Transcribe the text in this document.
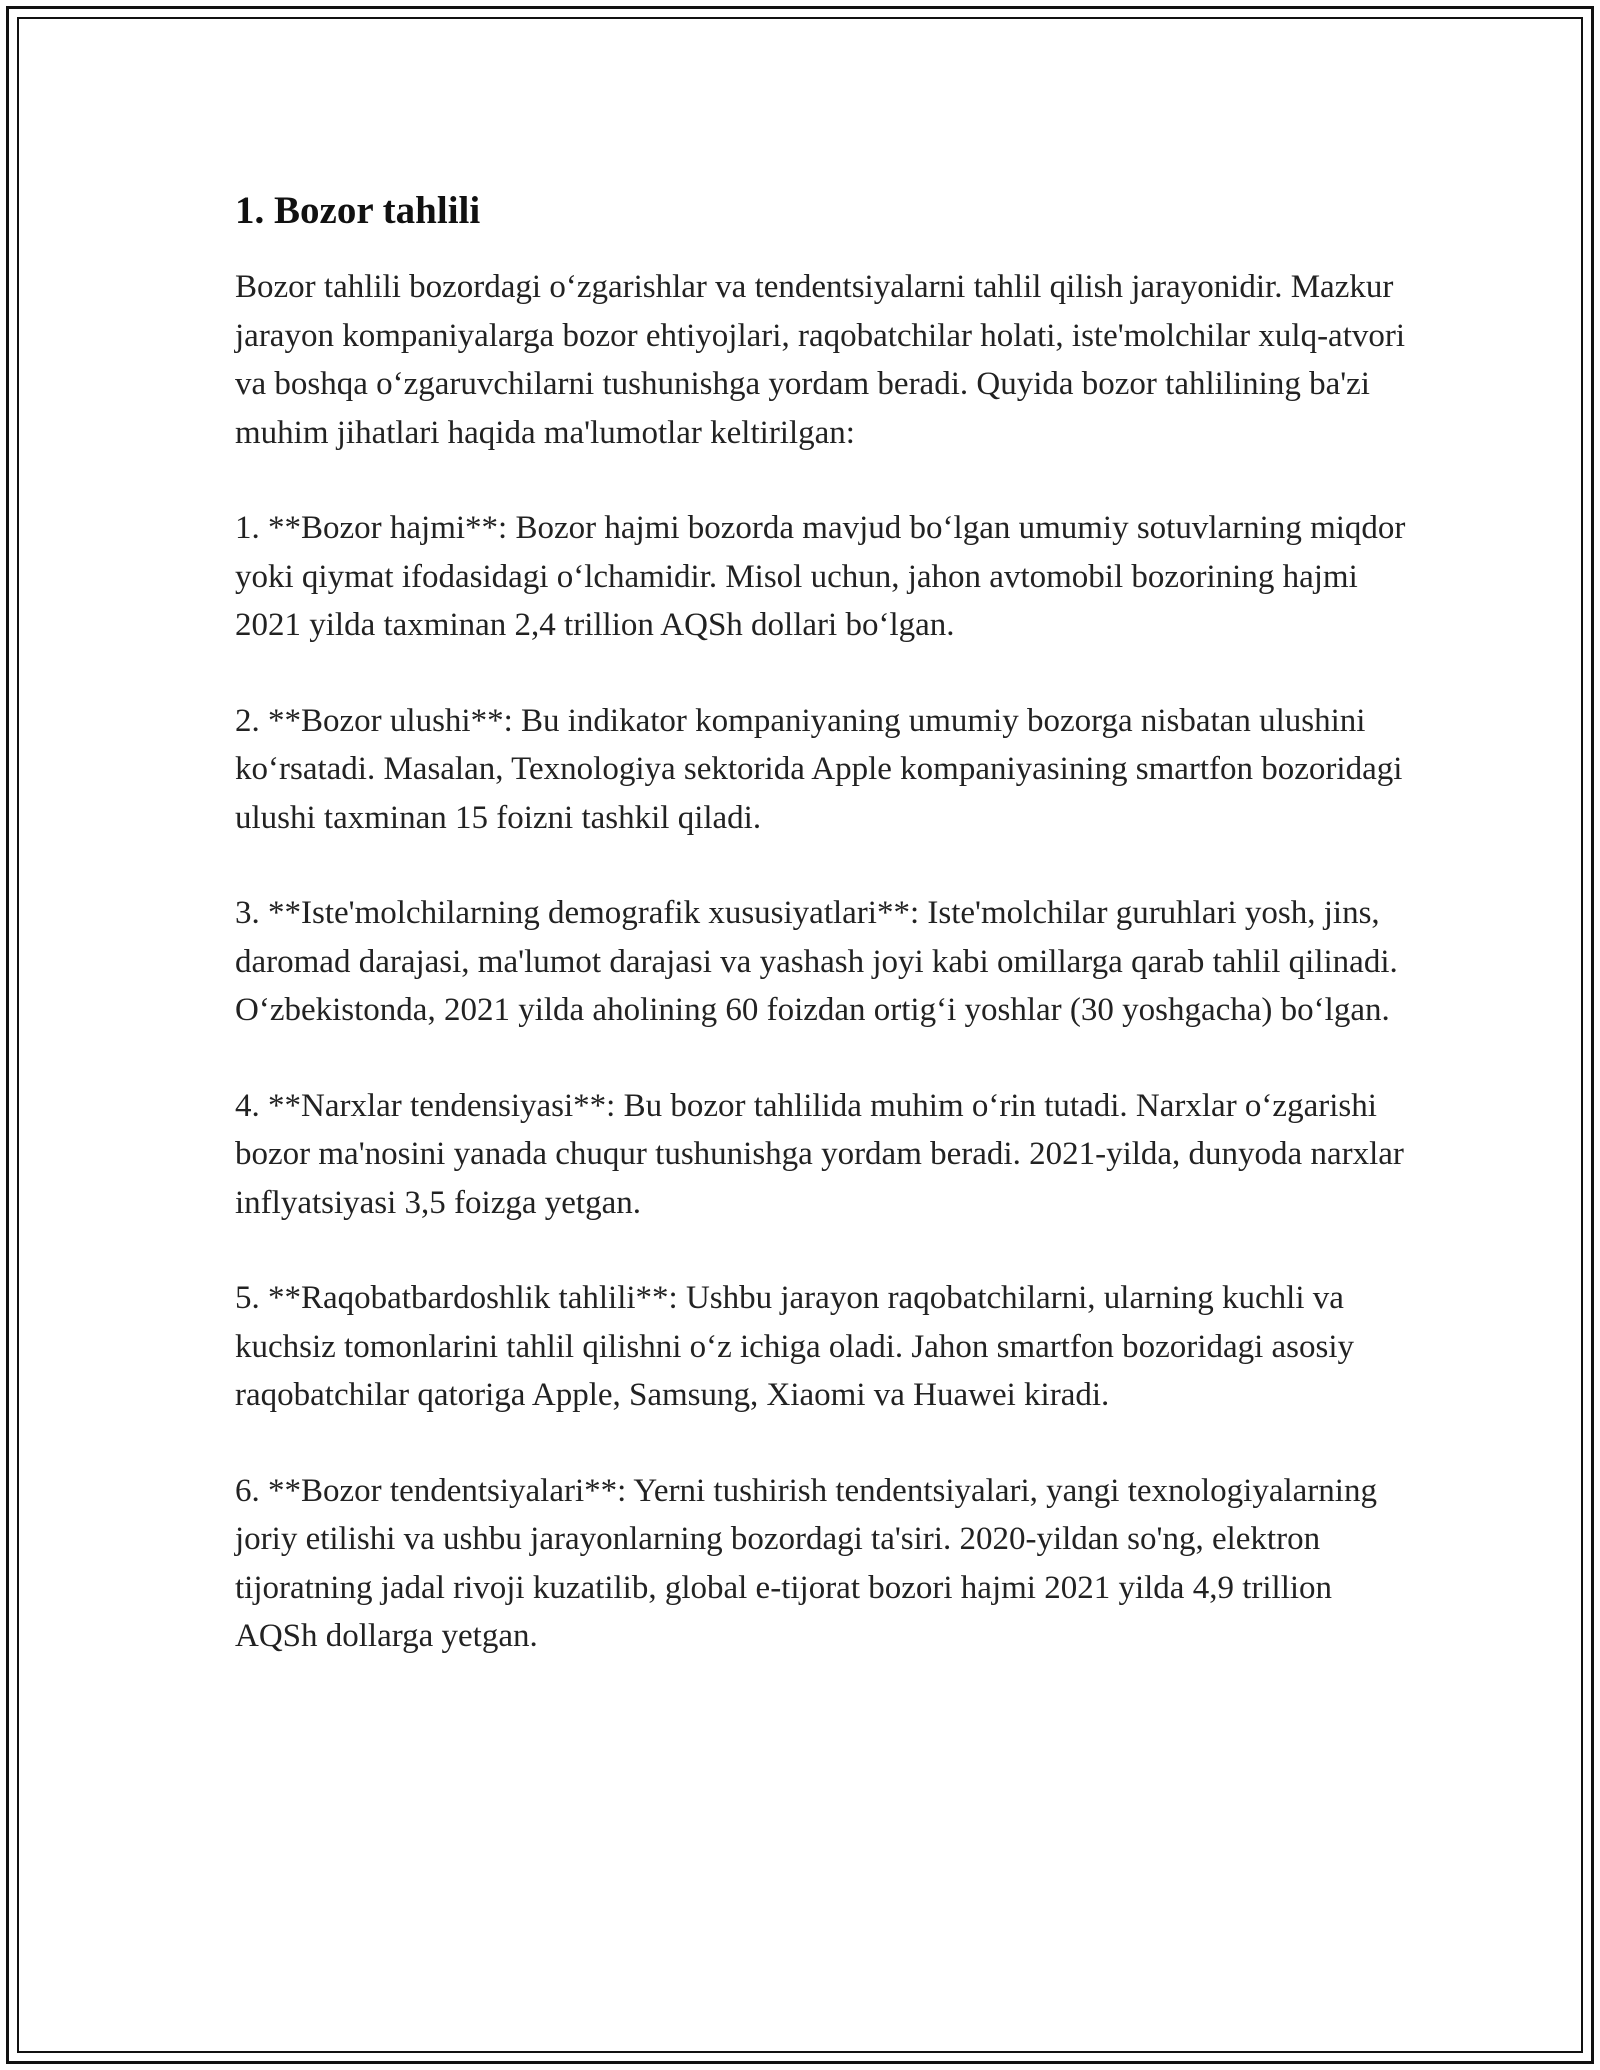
1. Bozor tahlili

Bozor tahlili bozordagi o‘zgarishlar va tendentsiyalarni tahlil qilish jarayonidir. Mazkur jarayon kompaniyalarga bozor ehtiyojlari, raqobatchilar holati, iste'molchilar xulq-atvori va boshqa o‘zgaruvchilarni tushunishga yordam beradi. Quyida bozor tahlilining ba'zi muhim jihatlari haqida ma'lumotlar keltirilgan:

1. **Bozor hajmi**: Bozor hajmi bozorda mavjud bo‘lgan umumiy sotuvlarning miqdor yoki qiymat ifodasidagi o‘lchamidir. Misol uchun, jahon avtomobil bozorining hajmi 2021 yilda taxminan 2,4 trillion AQSh dollari bo‘lgan.

2. **Bozor ulushi**: Bu indikator kompaniyaning umumiy bozorga nisbatan ulushini ko‘rsatadi. Masalan, Texnologiya sektorida Apple kompaniyasining smartfon bozoridagi ulushi taxminan 15 foizni tashkil qiladi.

3. **Iste'molchilarning demografik xususiyatlari**: Iste'molchilar guruhlari yosh, jins, daromad darajasi, ma'lumot darajasi va yashash joyi kabi omillarga qarab tahlil qilinadi. O‘zbekistonda, 2021 yilda aholining 60 foizdan ortig‘i yoshlar (30 yoshgacha) bo‘lgan.

4. **Narxlar tendensiyasi**: Bu bozor tahlilida muhim o‘rin tutadi. Narxlar o‘zgarishi bozor ma'nosini yanada chuqur tushunishga yordam beradi. 2021-yilda, dunyoda narxlar inflyatsiyasi 3,5 foizga yetgan.

5. **Raqobatbardoshlik tahlili**: Ushbu jarayon raqobatchilarni, ularning kuchli va kuchsiz tomonlarini tahlil qilishni o‘z ichiga oladi. Jahon smartfon bozoridagi asosiy raqobatchilar qatoriga Apple, Samsung, Xiaomi va Huawei kiradi.

6. **Bozor tendentsiyalari**: Yerni tushirish tendentsiyalari, yangi texnologiyalarning joriy etilishi va ushbu jarayonlarning bozordagi ta'siri. 2020-yildan so'ng, elektron tijoratning jadal rivoji kuzatilib, global e-tijorat bozori hajmi 2021 yilda 4,9 trillion AQSh dollarga yetgan.
